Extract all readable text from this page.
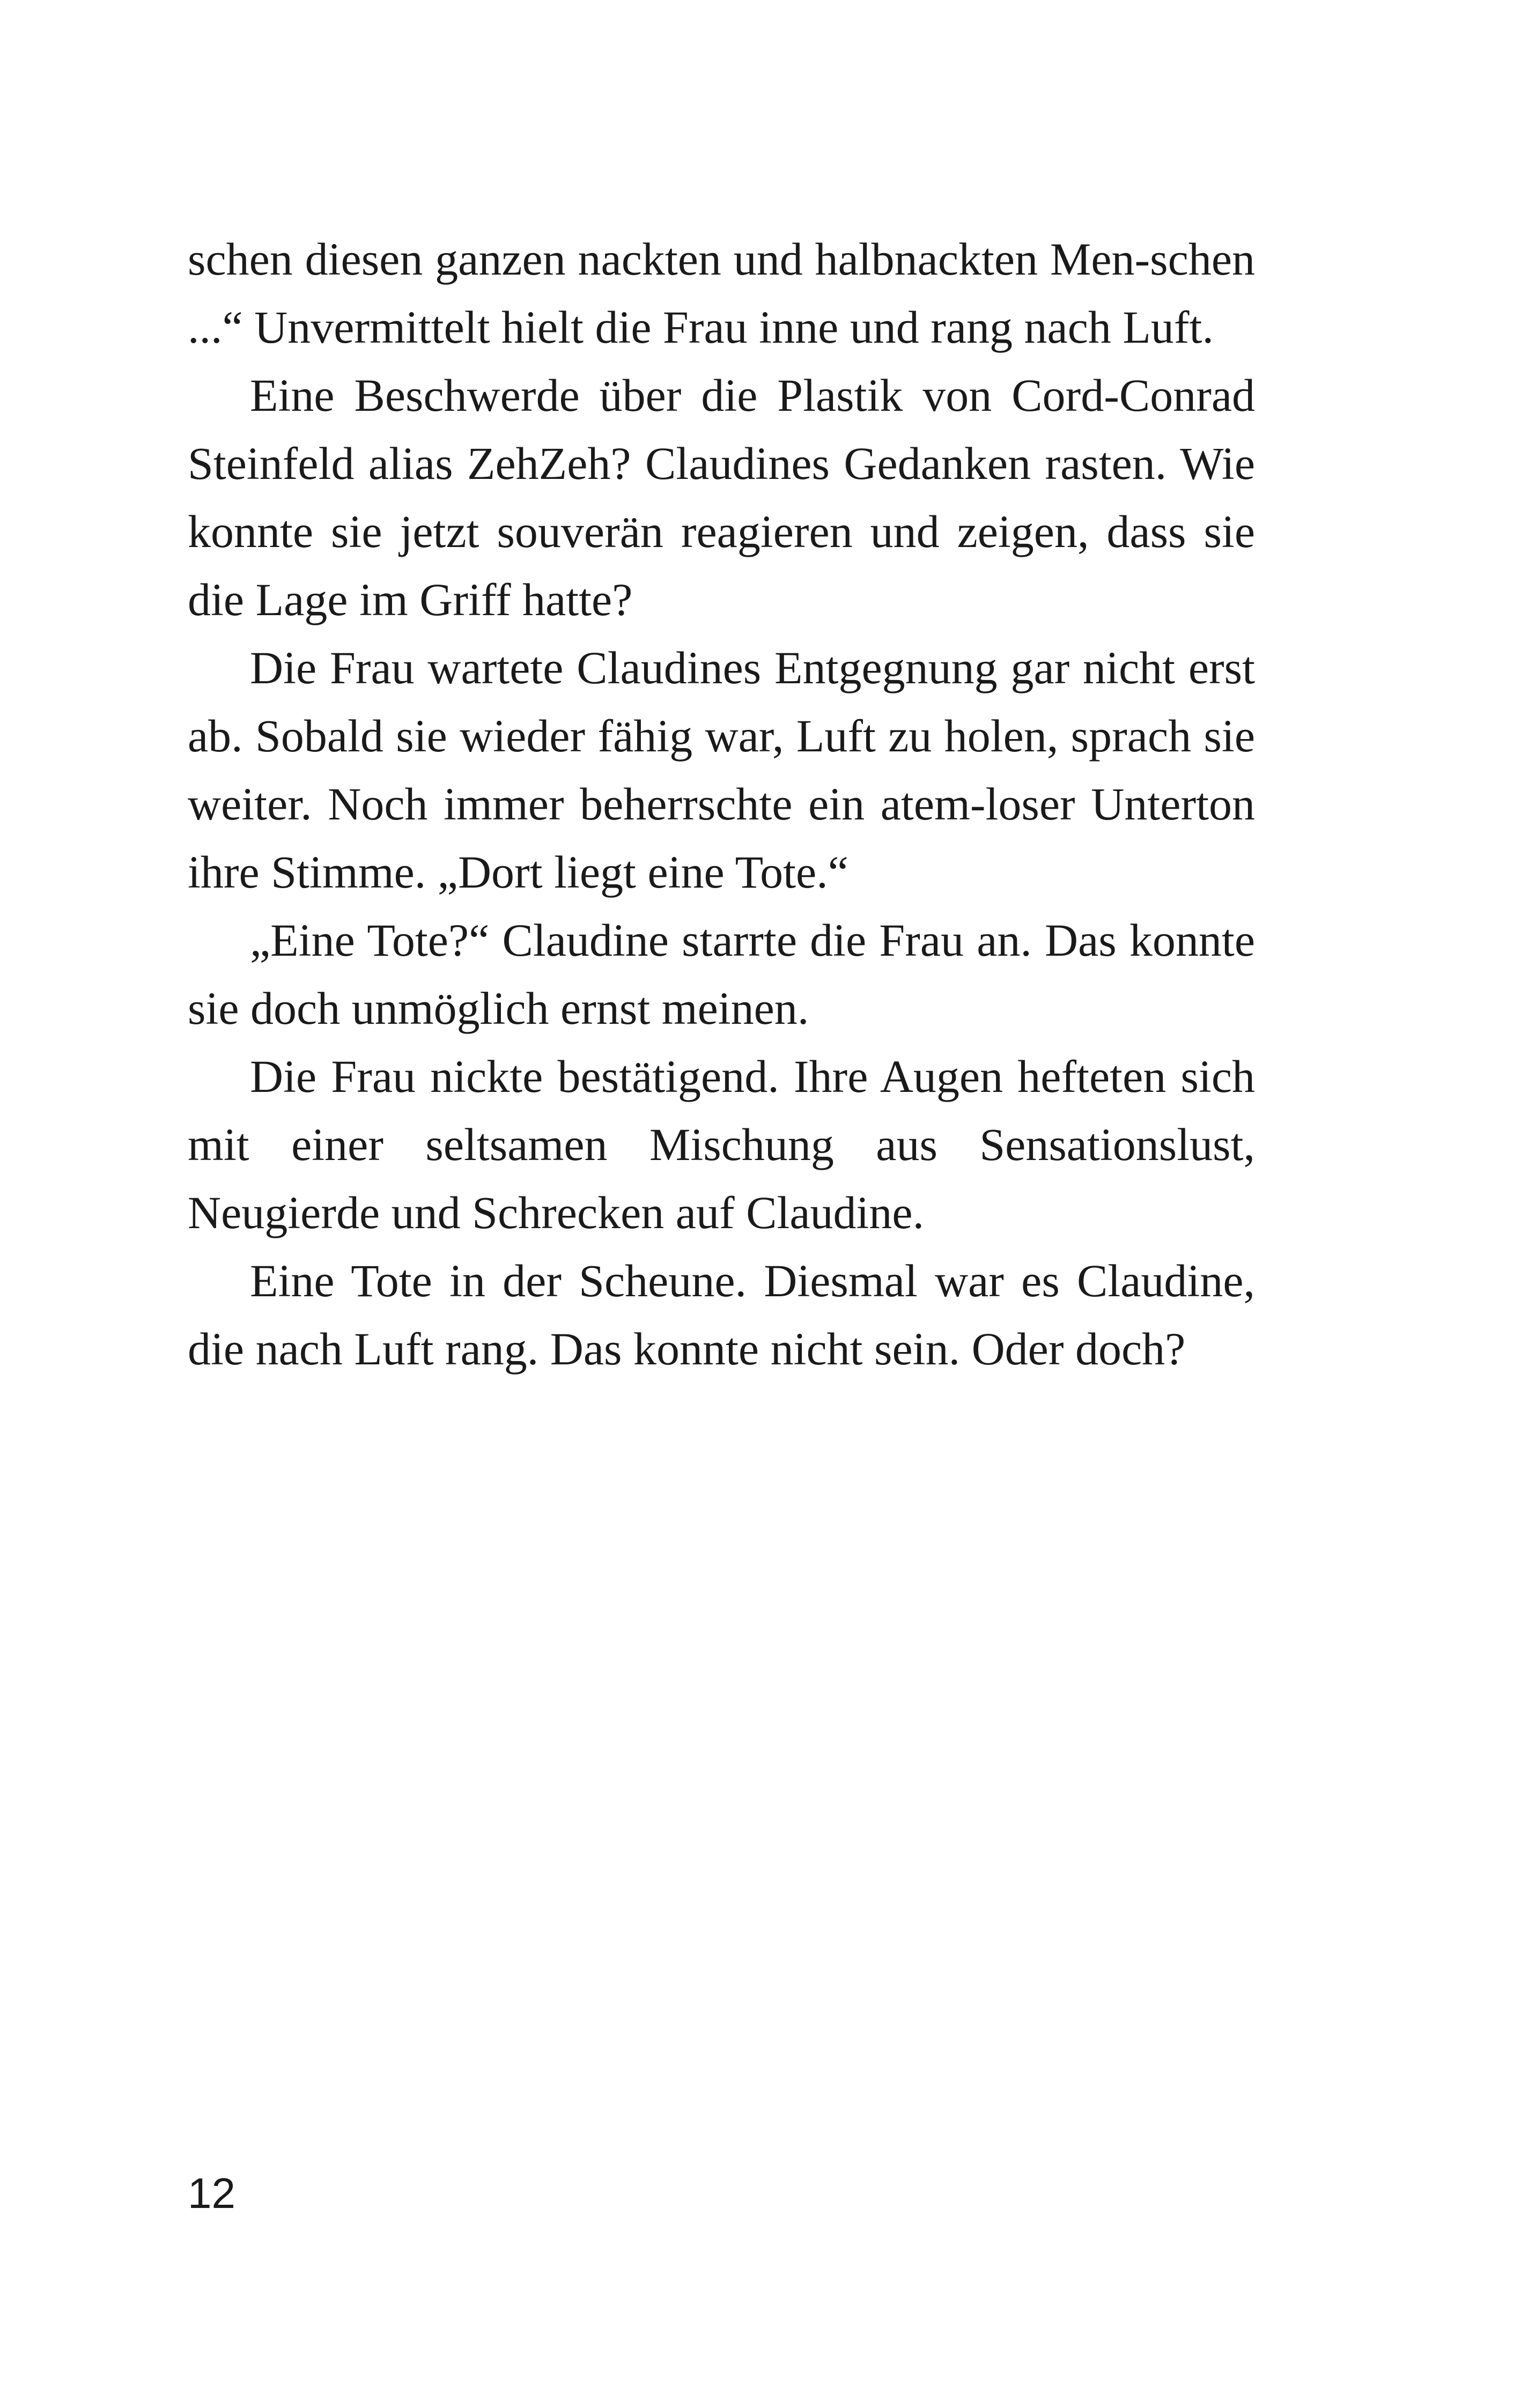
schen diesen ganzen nackten und halbnackten Men-schen ...“ Unvermittelt hielt die Frau inne und rang nach Luft.

Eine Beschwerde über die Plastik von Cord-Conrad Steinfeld alias ZehZeh? Claudines Gedanken rasten. Wie konnte sie jetzt souverän reagieren und zeigen, dass sie die Lage im Griff hatte?

Die Frau wartete Claudines Entgegnung gar nicht erst ab. Sobald sie wieder fähig war, Luft zu holen, sprach sie weiter. Noch immer beherrschte ein atem-loser Unterton ihre Stimme. „Dort liegt eine Tote.“

„Eine Tote?“ Claudine starrte die Frau an. Das konnte sie doch unmöglich ernst meinen.

Die Frau nickte bestätigend. Ihre Augen hefteten sich mit einer seltsamen Mischung aus Sensationslust, Neugierde und Schrecken auf Claudine.

Eine Tote in der Scheune. Diesmal war es Claudine, die nach Luft rang. Das konnte nicht sein. Oder doch?

12
